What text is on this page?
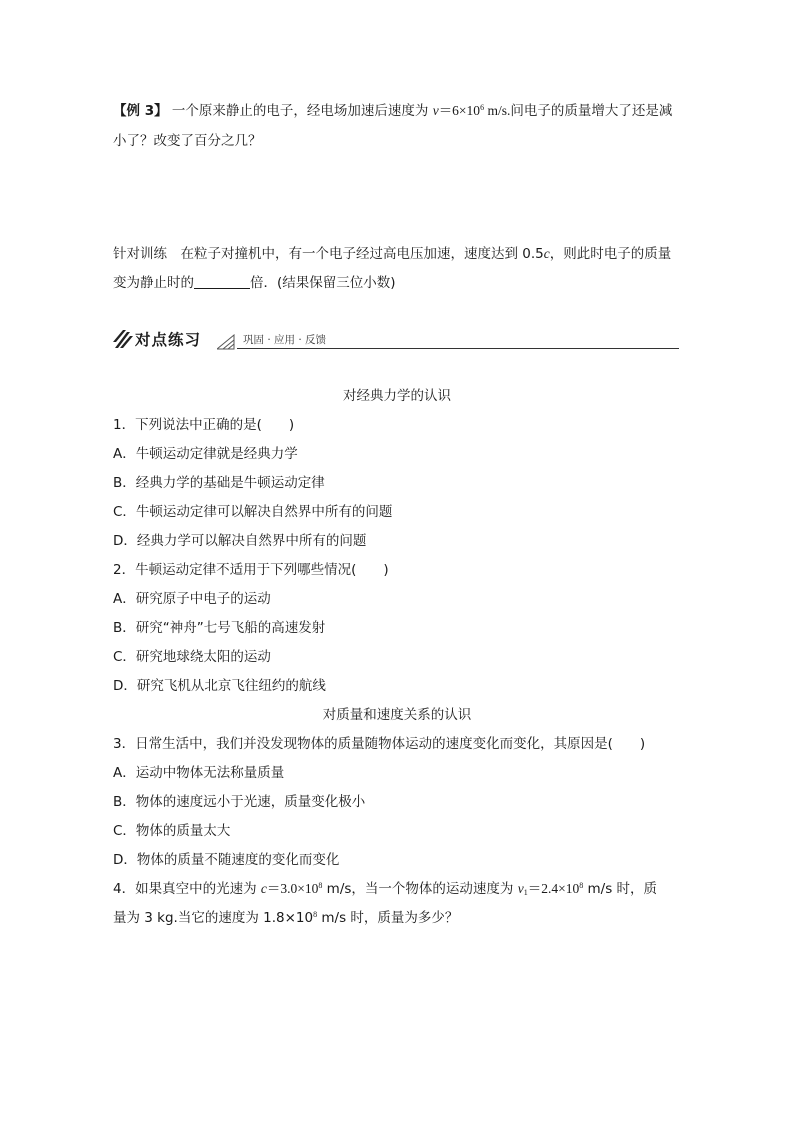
【例 3】 一个原来静止的电子，经电场加速后速度为 $v=6\times 10^6$ m/s.问电子的质量增大了还是减
小了？改变了百分之几？
针对训练　在粒子对撞机中，有一个电子经过高电压加速，速度达到 0.5c，则此时电子的质量
变为静止时的	倍．(结果保留三位小数)
对点练习	巩固 · 应用 · 反馈
对经典力学的认识
1．下列说法中正确的是(　　)
A．牛顿运动定律就是经典力学
B．经典力学的基础是牛顿运动定律
C．牛顿运动定律可以解决自然界中所有的问题
D．经典力学可以解决自然界中所有的问题
2．牛顿运动定律不适用于下列哪些情况(　　)
A．研究原子中电子的运动
B．研究“神舟”七号飞船的高速发射
C．研究地球绕太阳的运动
D．研究飞机从北京飞往纽约的航线
对质量和速度关系的认识
3．日常生活中，我们并没发现物体的质量随物体运动的速度变化而变化，其原因是(　　)
A．运动中物体无法称量质量
B．物体的速度远小于光速，质量变化极小
C．物体的质量太大
D．物体的质量不随速度的变化而变化
4．如果真空中的光速为 $c=3.0\times 10^8$ m/s，当一个物体的运动速度为 $v_1=2.4\times 10^8$ m/s 时，质
量为 3 kg.当它的速度为 $1.8\times 10^8$ m/s 时，质量为多少？
